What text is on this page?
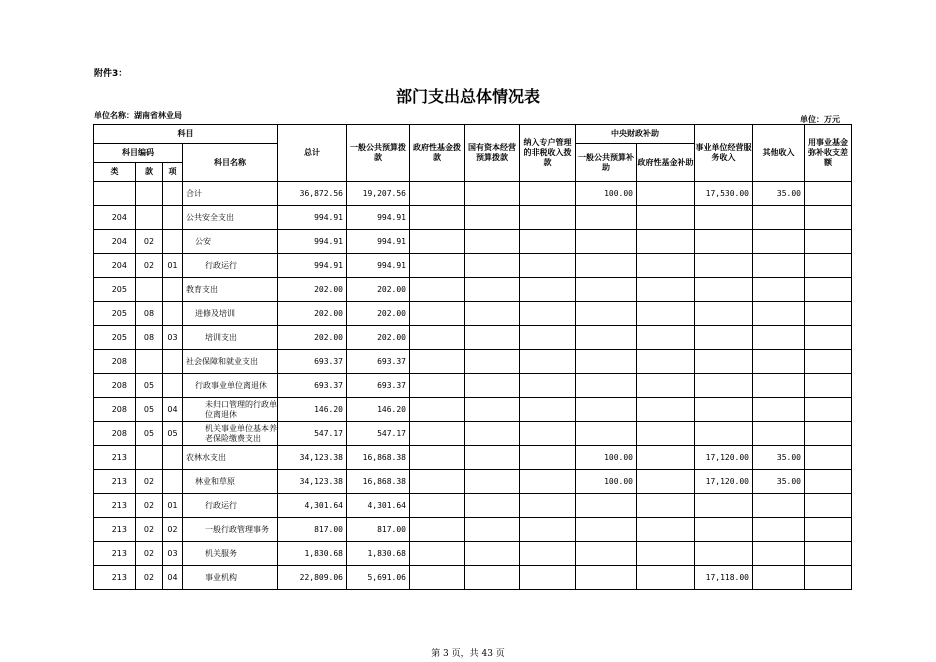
附件3：
部门支出总体情况表
单位名称：湖南省林业局	单位：万元
科目				总计	一般公共预算拨款	政府性基金拨款	国有资本经营预算拨款	纳入专户管理的非税收入拨款	中央财政补助		事业单位经营服务收入	其他收入	用事业基金弥补收支差额
科目编码			科目名称						一般公共预算补助	政府性基金补助			
类	款	项											
			合计	36,872.56	19,207.56				100.00		17,530.00	35.00	
204			公共安全支出	994.91	994.91								
204	02		公安	994.91	994.91								
204	02	01	行政运行	994.91	994.91								
205			教育支出	202.00	202.00								
205	08		进修及培训	202.00	202.00								
205	08	03	培训支出	202.00	202.00								
208			社会保障和就业支出	693.37	693.37								
208	05		行政事业单位离退休	693.37	693.37								
208	05	04	未归口管理的行政单位离退休	146.20	146.20								
208	05	05	机关事业单位基本养老保险缴费支出	547.17	547.17								
213			农林水支出	34,123.38	16,868.38				100.00		17,120.00	35.00	
213	02		林业和草原	34,123.38	16,868.38				100.00		17,120.00	35.00	
213	02	01	行政运行	4,301.64	4,301.64								
213	02	02	一般行政管理事务	817.00	817.00								
213	02	03	机关服务	1,830.68	1,830.68								
213	02	04	事业机构	22,809.06	5,691.06						17,118.00		
第 3 页，共 43 页
